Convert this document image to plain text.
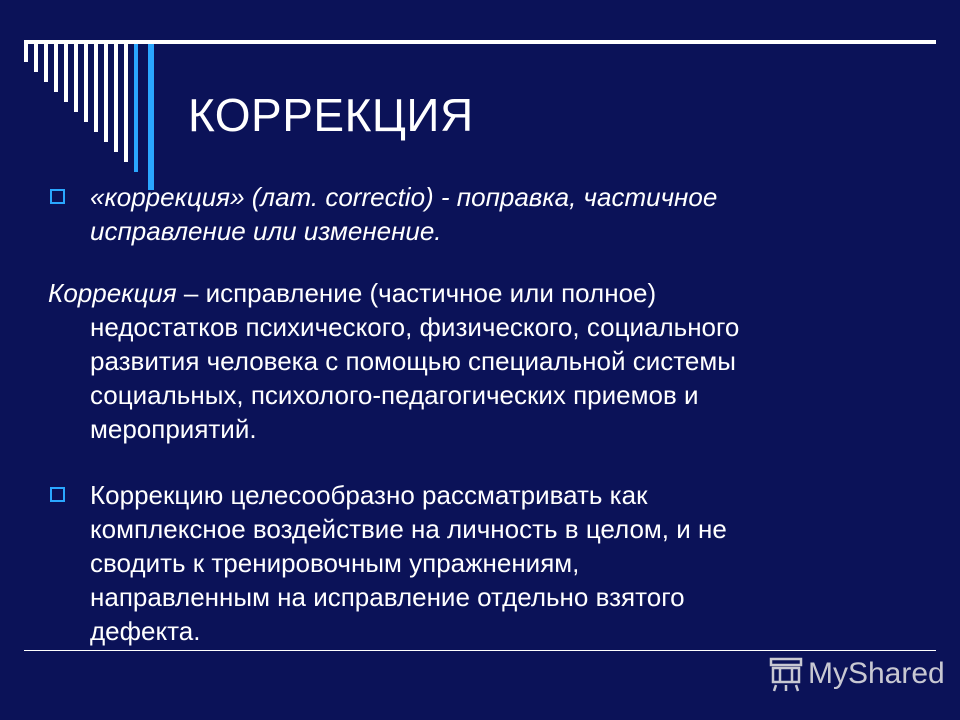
КОРРЕКЦИЯ

«коррекция» (лат. correctio) - поправка, частичное
исправление или изменение.

Коррекция – исправление (частичное или полное)
недостатков психического, физического, социального
развития человека с помощью специальной системы
социальных, психолого-педагогических приемов и
мероприятий.

Коррекцию целесообразно рассматривать как
комплексное воздействие на личность в целом, и не
сводить к тренировочным упражнениям,
направленным на исправление отдельно взятого
дефекта.

MyShared
